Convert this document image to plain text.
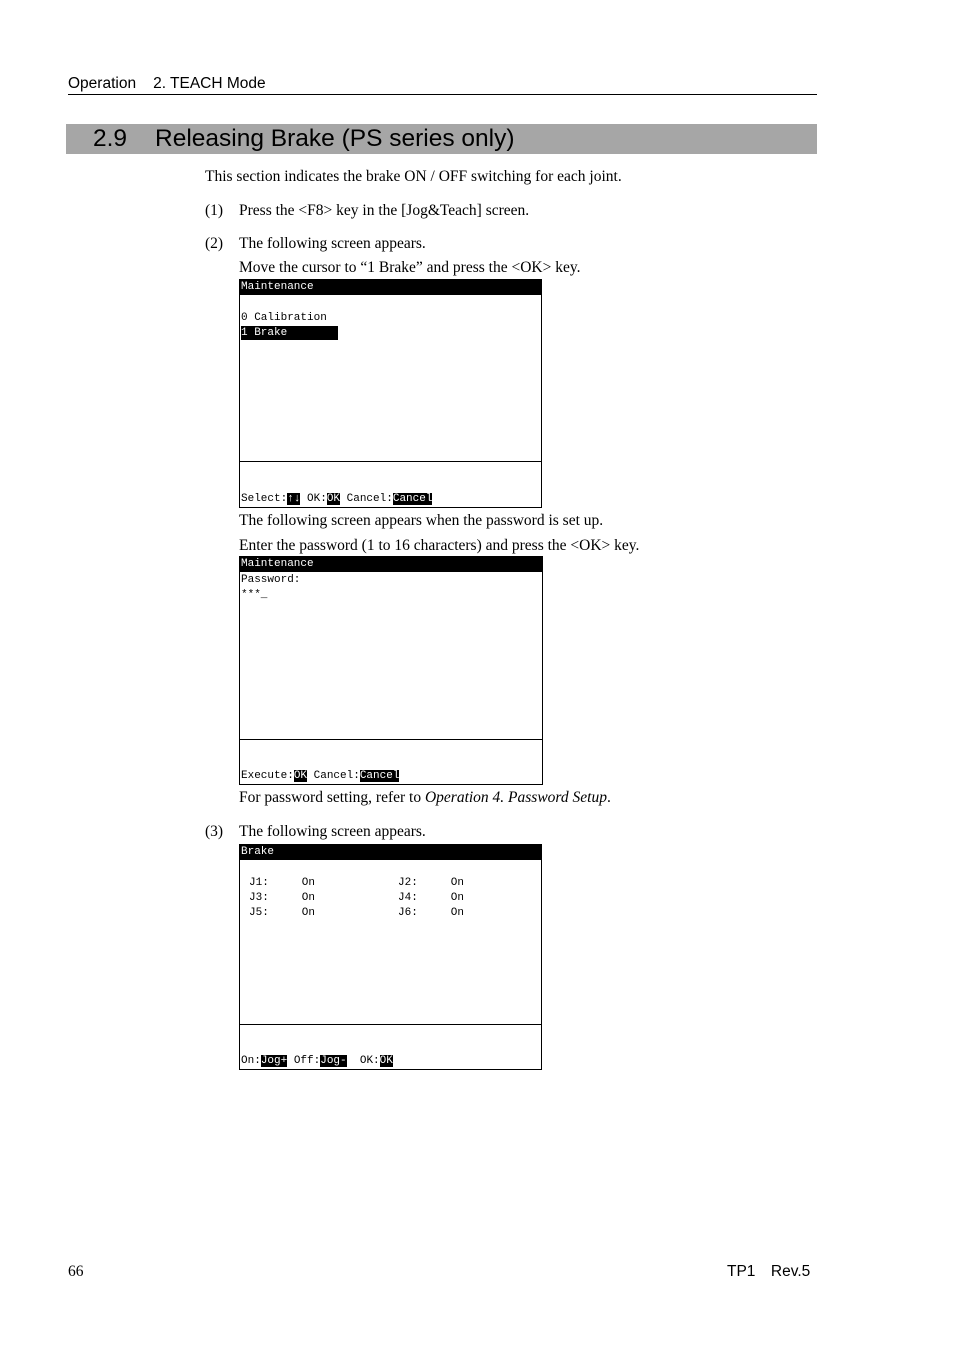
Operation 2. TEACH Mode
2.9 Releasing Brake (PS series only)
This section indicates the brake ON / OFF switching for each joint.
(1) Press the <F8> key in the [Jog&Teach] screen.
(2) The following screen appears.
Move the cursor to “1 Brake” and press the <OK> key.
Maintenance
0 Calibration
1 Brake
Select:↑↓ OK:OK Cancel:Cancel
The following screen appears when the password is set up.
Enter the password (1 to 16 characters) and press the <OK> key.
Maintenance
Password:
***_
Execute:OK Cancel:Cancel
For password setting, refer to Operation 4. Password Setup.
(3) The following screen appears.
Brake
J1:     On	J2:     On
J3:     On	J4:     On
J5:     On	J6:     On
On:Jog+ Off:Jog-  OK:OK
66	TP1  Rev.5
